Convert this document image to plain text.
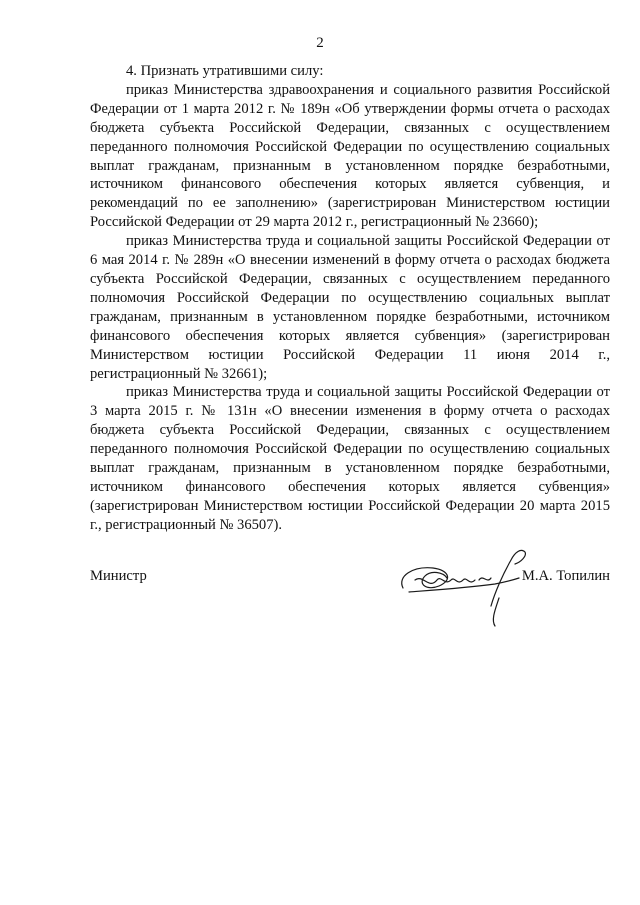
2

4. Признать утратившими силу:

приказ Министерства здравоохранения и социального развития Российской Федерации от 1 марта 2012 г. № 189н «Об утверждении формы отчета о расходах бюджета субъекта Российской Федерации, связанных с осуществлением переданного полномочия Российской Федерации по осуществлению социальных выплат гражданам, признанным в установленном порядке безработными, источником финансового обеспечения которых является субвенция, и рекомендаций по ее заполнению» (зарегистрирован Министерством юстиции Российской Федерации от 29 марта 2012 г., регистрационный № 23660);

приказ Министерства труда и социальной защиты Российской Федерации от 6 мая 2014 г. № 289н «О внесении изменений в форму отчета о расходах бюджета субъекта Российской Федерации, связанных с осуществлением переданного полномочия Российской Федерации по осуществлению социальных выплат гражданам, признанным в установленном порядке безработными, источником финансового обеспечения которых является субвенция» (зарегистрирован Министерством юстиции Российской Федерации 11 июня 2014 г., регистрационный № 32661);

приказ Министерства труда и социальной защиты Российской Федерации от 3 марта 2015 г. № 131н «О внесении изменения в форму отчета о расходах бюджета субъекта Российской Федерации, связанных с осуществлением переданного полномочия Российской Федерации по осуществлению социальных выплат гражданам, признанным в установленном порядке безработными, источником финансового обеспечения которых является субвенция» (зарегистрирован Министерством юстиции Российской Федерации 20 марта 2015 г., регистрационный № 36507).

Министр	М.А. Топилин
